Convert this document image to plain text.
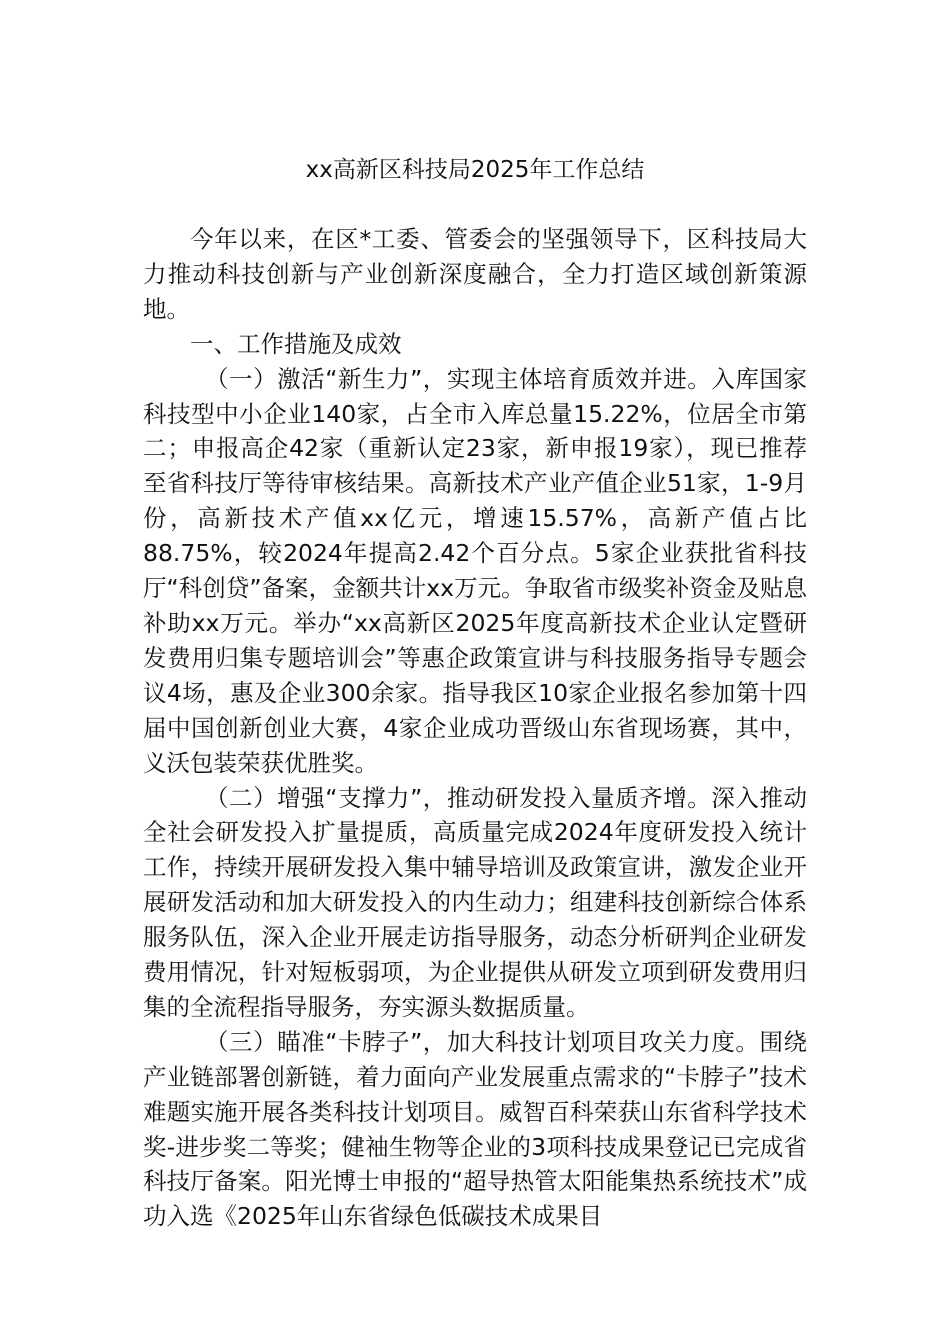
xx高新区科技局2025年工作总结

今年以来，在区*工委、管委会的坚强领导下，区科技局大力推动科技创新与产业创新深度融合，全力打造区域创新策源地。

一、工作措施及成效

（一）激活“新生力”，实现主体培育质效并进。入库国家科技型中小企业140家，占全市入库总量15.22%，位居全市第二；申报高企42家（重新认定23家，新申报19家），现已推荐至省科技厅等待审核结果。高新技术产业产值企业51家，1-9月份，高新技术产值xx亿元，增速15.57%，高新产值占比88.75%，较2024年提高2.42个百分点。5家企业获批省科技厅“科创贷”备案，金额共计xx万元。争取省市级奖补资金及贴息补助xx万元。举办“xx高新区2025年度高新技术企业认定暨研发费用归集专题培训会”等惠企政策宣讲与科技服务指导专题会议4场，惠及企业300余家。指导我区10家企业报名参加第十四届中国创新创业大赛，4家企业成功晋级山东省现场赛，其中，义沃包装荣获优胜奖。

（二）增强“支撑力”，推动研发投入量质齐增。深入推动全社会研发投入扩量提质，高质量完成2024年度研发投入统计工作，持续开展研发投入集中辅导培训及政策宣讲，激发企业开展研发活动和加大研发投入的内生动力；组建科技创新综合体系服务队伍，深入企业开展走访指导服务，动态分析研判企业研发费用情况，针对短板弱项，为企业提供从研发立项到研发费用归集的全流程指导服务，夯实源头数据质量。

（三）瞄准“卡脖子”，加大科技计划项目攻关力度。围绕产业链部署创新链，着力面向产业发展重点需求的“卡脖子”技术难题实施开展各类科技计划项目。威智百科荣获山东省科学技术奖-进步奖二等奖；健袖生物等企业的3项科技成果登记已完成省科技厅备案。阳光博士申报的“超导热管太阳能集热系统技术”成功入选《2025年山东省绿色低碳技术成果目
